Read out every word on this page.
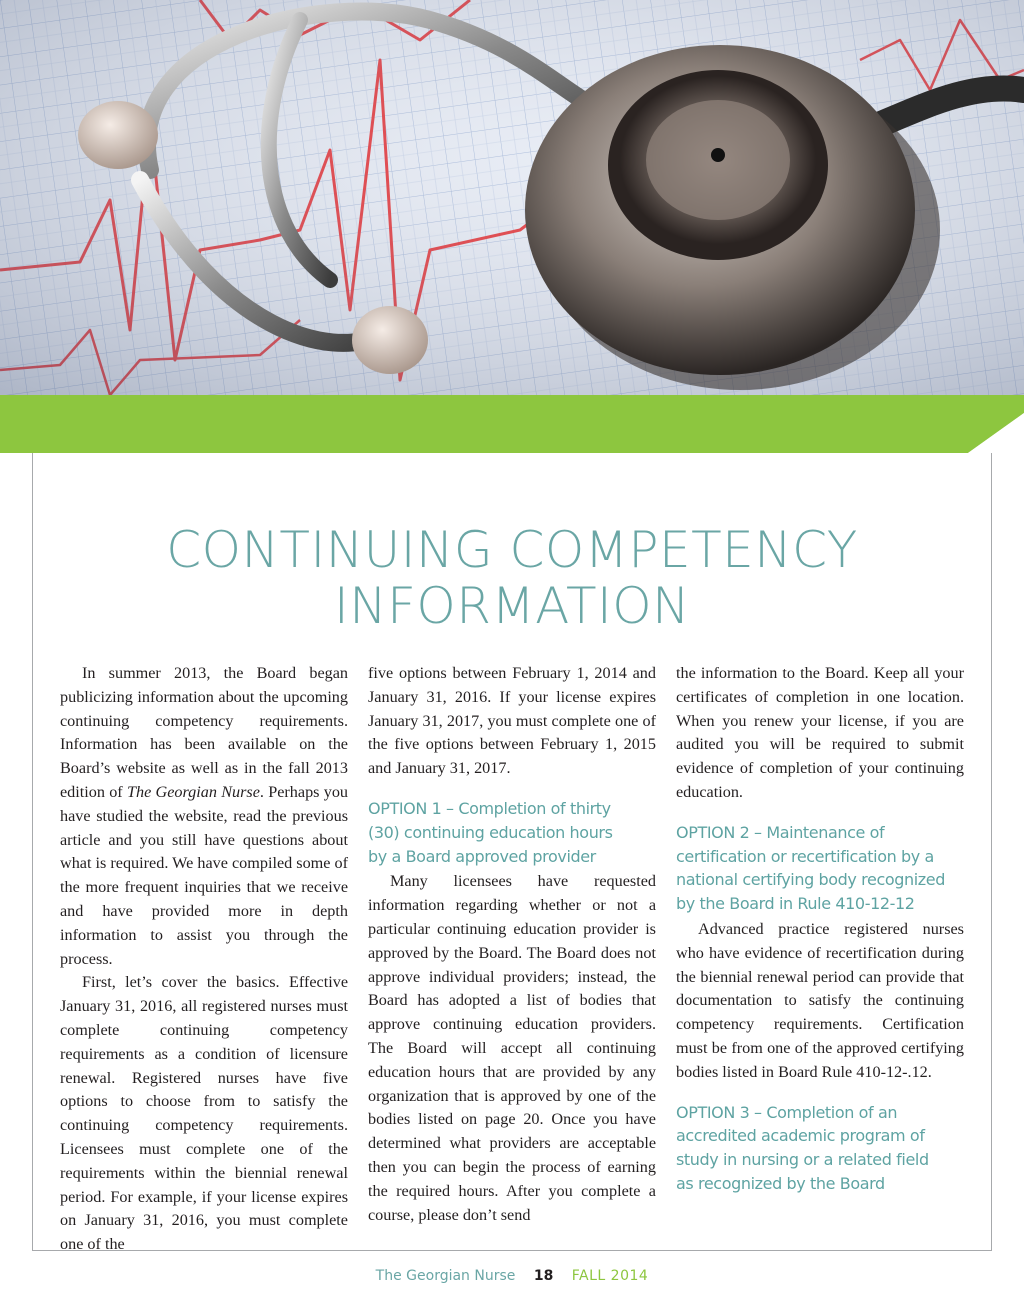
CONTINUING COMPETENCY
INFORMATION

In summer 2013, the Board began publicizing information about the upcoming continuing competency requirements. Information has been available on the Board’s website as well as in the fall 2013 edition of The Georgian Nurse. Perhaps you have studied the website, read the previous article and you still have questions about what is required. We have compiled some of the more frequent inquiries that we receive and have provided more in depth information to assist you through the process.

First, let’s cover the basics. Effective January 31, 2016, all registered nurses must complete continuing competency requirements as a condition of licensure renewal. Registered nurses have five options to choose from to satisfy the continuing competency requirements. Licensees must complete one of the requirements within the biennial renewal period. For example, if your license expires on January 31, 2016, you must complete one of the

five options between February 1, 2014 and January 31, 2016. If your license expires January 31, 2017, you must complete one of the five options between February 1, 2015 and January 31, 2017.

OPTION 1 – Completion of thirty
(30) continuing education hours
by a Board approved provider

Many licensees have requested information regarding whether or not a particular continuing education provider is approved by the Board. The Board does not approve individual providers; instead, the Board has adopted a list of bodies that approve continuing education providers. The Board will accept all continuing education hours that are provided by any organization that is approved by one of the bodies listed on page 20. Once you have determined what providers are acceptable then you can begin the process of earning the required hours. After you complete a course, please don’t send

the information to the Board. Keep all your certificates of completion in one location. When you renew your license, if you are audited you will be required to submit evidence of completion of your continuing education.

OPTION 2 – Maintenance of
certification or recertification by a
national certifying body recognized
by the Board in Rule 410-12-12

Advanced practice registered nurses who have evidence of recertification during the biennial renewal period can provide that documentation to satisfy the continuing competency requirements. Certification must be from one of the approved certifying bodies listed in Board Rule 410-12-.12.

OPTION 3 – Completion of an
accredited academic program of
study in nursing or a related field
as recognized by the Board
The Georgian Nurse 18 FALL 2014
